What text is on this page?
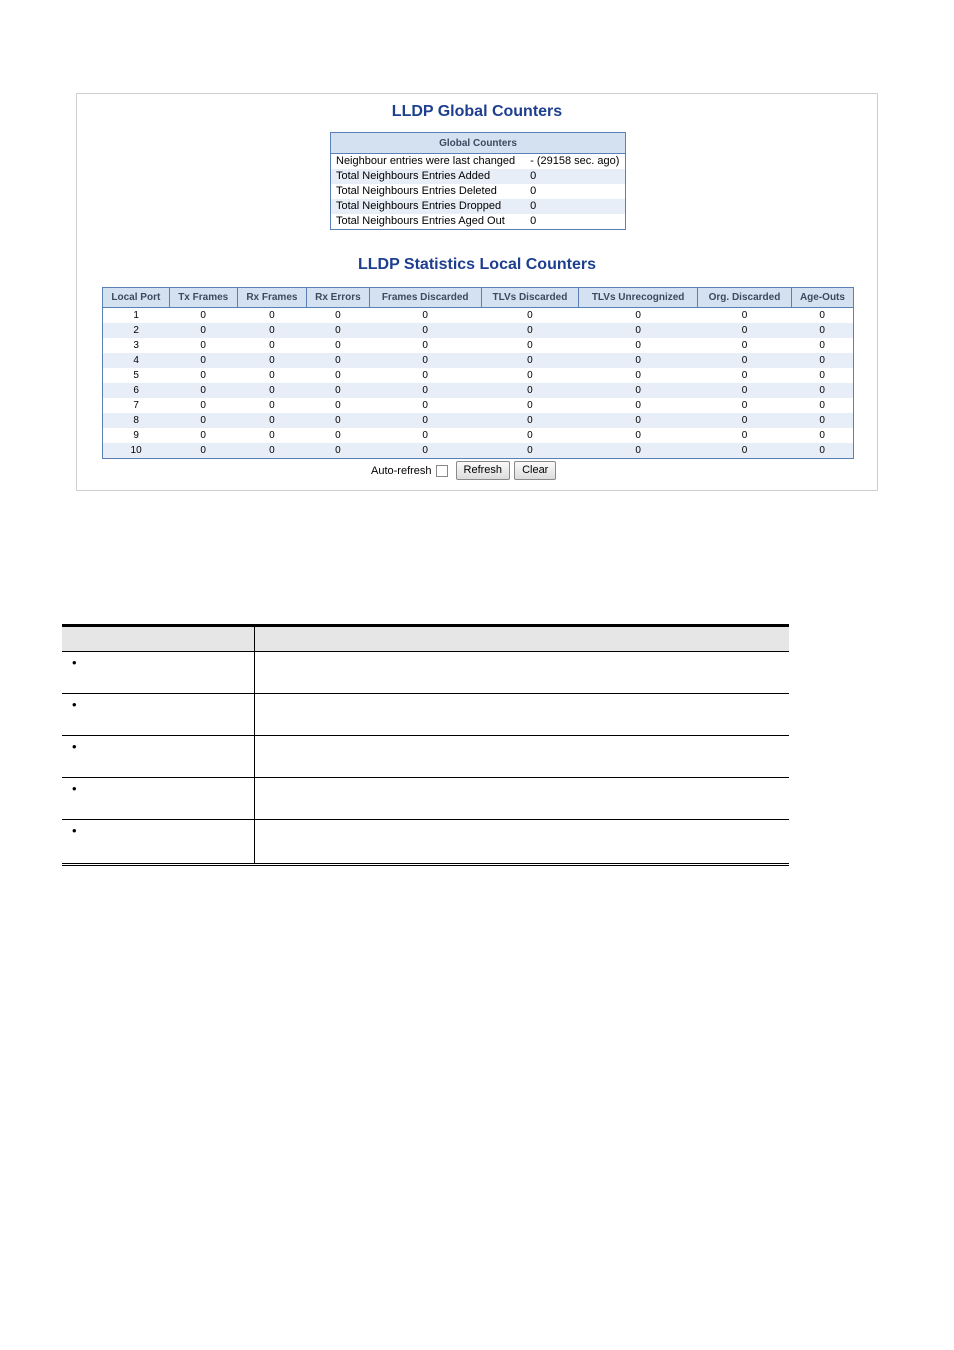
LLDP Global Counters
Global Counters	
Neighbour entries were last changed	- (29158 sec. ago)
Total Neighbours Entries Added	0
Total Neighbours Entries Deleted	0
Total Neighbours Entries Dropped	0
Total Neighbours Entries Aged Out	0
LLDP Statistics Local Counters
Local Port	Tx Frames	Rx Frames	Rx Errors	Frames Discarded	TLVs Discarded	TLVs Unrecognized	Org. Discarded	Age-Outs
1	0	0	0	0	0	0	0	0
2	0	0	0	0	0	0	0	0
3	0	0	0	0	0	0	0	0
4	0	0	0	0	0	0	0	0
5	0	0	0	0	0	0	0	0
6	0	0	0	0	0	0	0	0
7	0	0	0	0	0	0	0	0
8	0	0	0	0	0	0	0	0
9	0	0	0	0	0	0	0	0
10	0	0	0	0	0	0	0	0
Auto-refresh	Refresh	Clear

•	
•	
•	
•	
•	
